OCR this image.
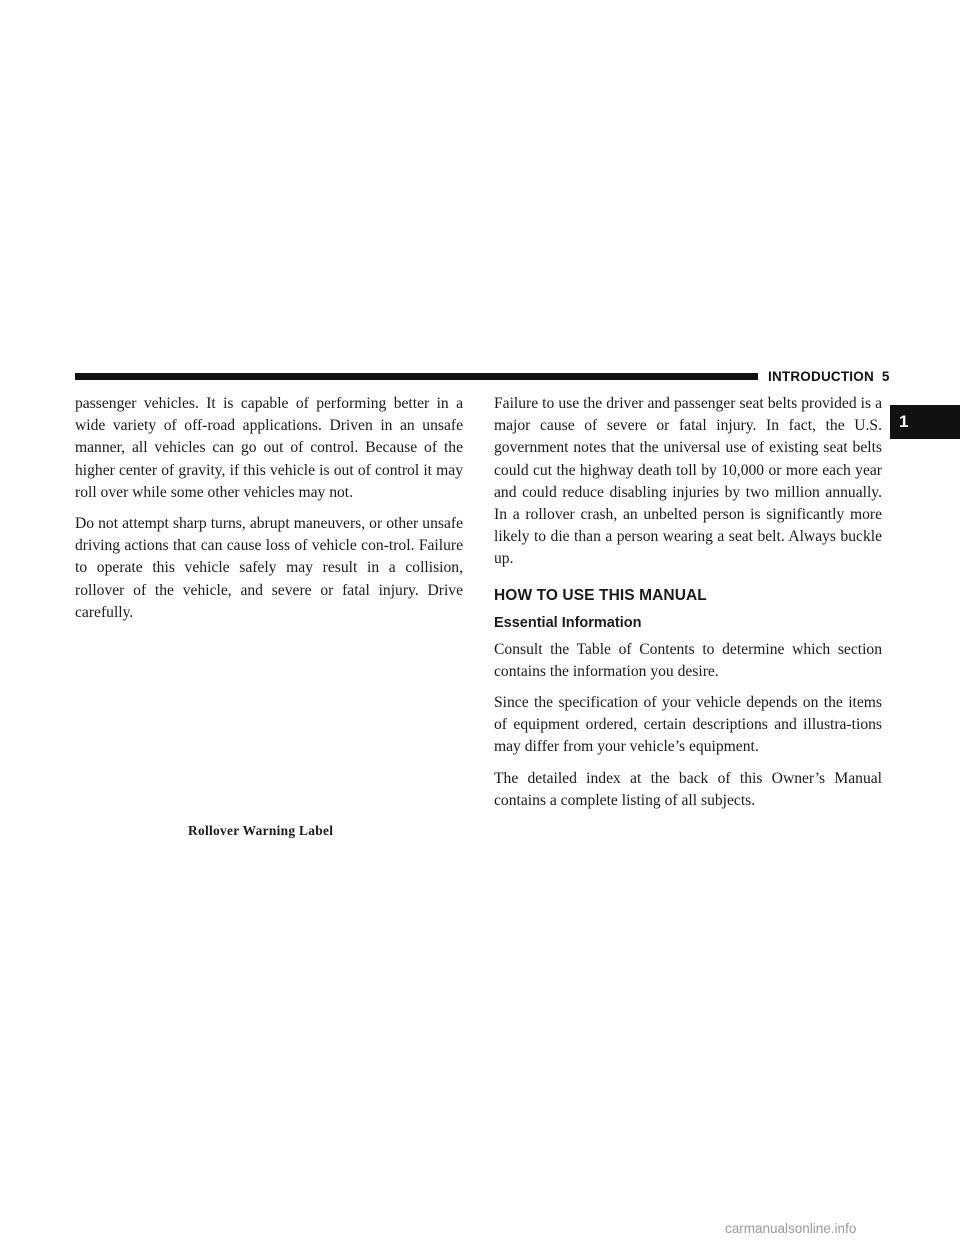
INTRODUCTION 5
1

passenger vehicles. It is capable of performing better in a wide variety of off-road applications. Driven in an unsafe manner, all vehicles can go out of control. Because of the higher center of gravity, if this vehicle is out of control it may roll over while some other vehicles may not.

Do not attempt sharp turns, abrupt maneuvers, or other unsafe driving actions that can cause loss of vehicle con-trol. Failure to operate this vehicle safely may result in a collision, rollover of the vehicle, and severe or fatal injury. Drive carefully.

Rollover Warning Label

Failure to use the driver and passenger seat belts provided is a major cause of severe or fatal injury. In fact, the U.S. government notes that the universal use of existing seat belts could cut the highway death toll by 10,000 or more each year and could reduce disabling injuries by two million annually. In a rollover crash, an unbelted person is significantly more likely to die than a person wearing a seat belt. Always buckle up.

HOW TO USE THIS MANUAL
Essential Information

Consult the Table of Contents to determine which section contains the information you desire.

Since the specification of your vehicle depends on the items of equipment ordered, certain descriptions and illustra-tions may differ from your vehicle’s equipment.

The detailed index at the back of this Owner’s Manual contains a complete listing of all subjects.

carmanualsonline.info
